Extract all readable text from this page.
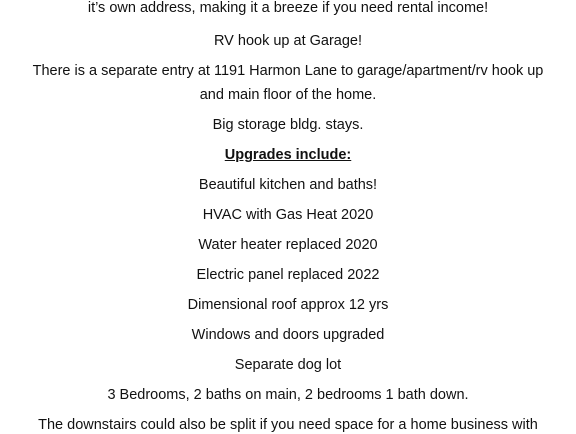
it’s own address, making it a breeze if you need rental income!
RV hook up at Garage!
There is a separate entry at 1191 Harmon Lane to garage/apartment/rv hook up
and main floor of the home.
Big storage bldg. stays.
Upgrades include:
Beautiful kitchen and baths!
HVAC with Gas Heat 2020
Water heater replaced 2020
Electric panel replaced 2022
Dimensional roof approx 12 yrs
Windows and doors upgraded
Separate dog lot
3 Bedrooms, 2 baths on main, 2 bedrooms 1 bath down.
The downstairs could also be split if you need space for a home business with
